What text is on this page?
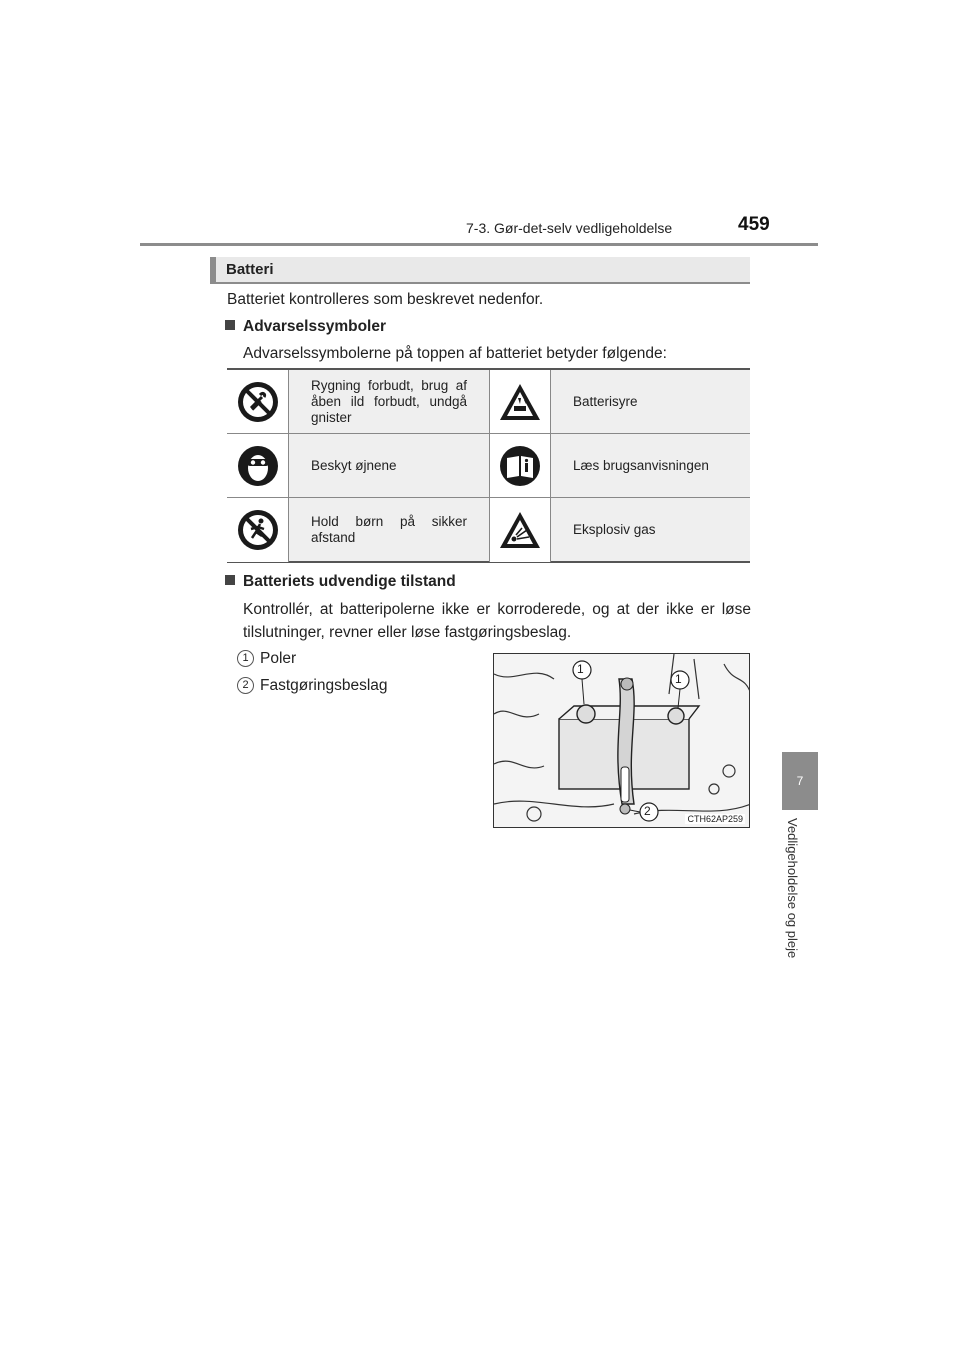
7-3. Gør-det-selv vedligeholdelse	459
7
Vedligeholdelse og pleje
Batteri
Batteriet kontrolleres som beskrevet nedenfor.
Advarselssymboler
Advarselssymbolerne på toppen af batteriet betyder følgende:
Rygning forbudt, brug af åben ild forbudt, undgå gnister
Batterisyre
Beskyt øjnene	Læs brugsanvisningen
Hold børn på sikker afstand
Eksplosiv gas
Batteriets udvendige tilstand
Kontrollér, at batteripolerne ikke er korroderede, og at der ikke er løse tilslutninger, revner eller løse fastgøringsbeslag.
1 Poler
2 Fastgøringsbeslag
1
1
2
CTH62AP259
